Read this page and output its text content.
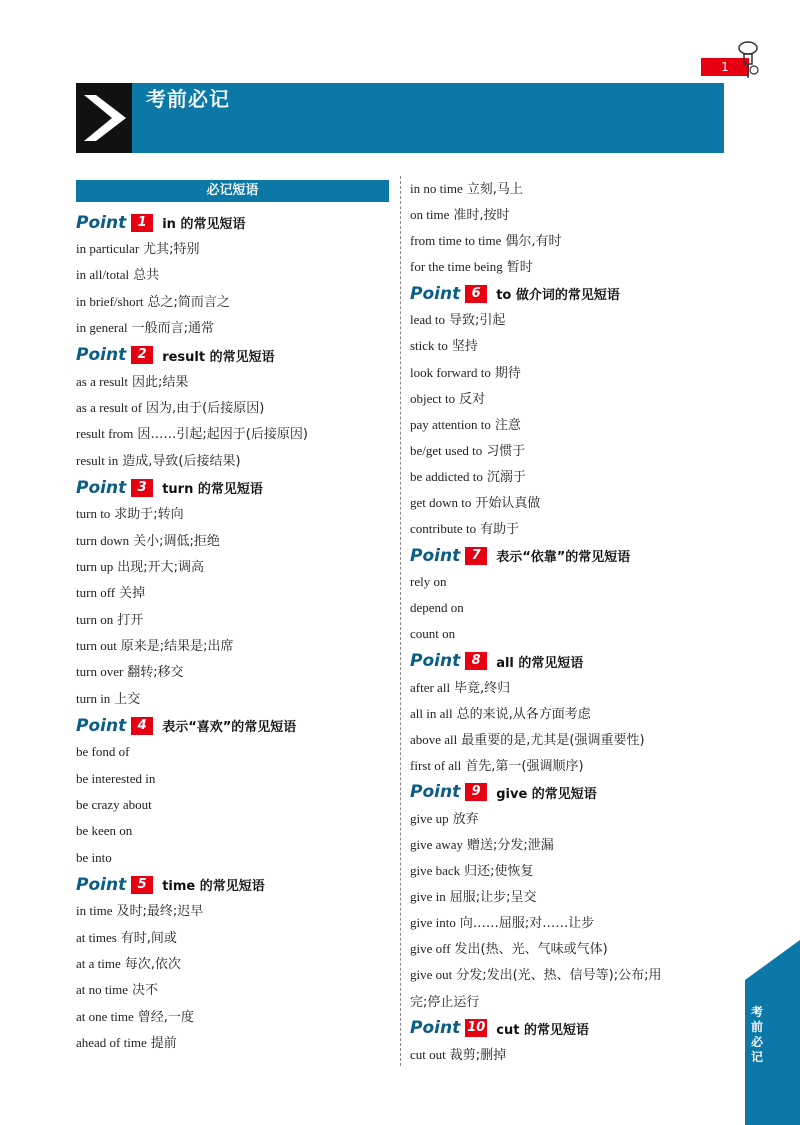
1
考前必记
必记短语
Point 1	in 的常见短语
in particular 尤其;特别
in all/total 总共
in brief/short 总之;简而言之
in general 一般而言;通常
Point 2	result 的常见短语
as a result 因此;结果
as a result of 因为,由于(后接原因)
result from 因……引起;起因于(后接原因)
result in 造成,导致(后接结果)
Point 3	turn 的常见短语
turn to 求助于;转向
turn down 关小;调低;拒绝
turn up 出现;开大;调高
turn off 关掉
turn on 打开
turn out 原来是;结果是;出席
turn over 翻转;移交
turn in 上交
Point 4	表示“喜欢”的常见短语
be fond of
be interested in
be crazy about
be keen on
be into
Point 5	time 的常见短语
in time 及时;最终;迟早
at times 有时,间或
at a time 每次,依次
at no time 决不
at one time 曾经,一度
ahead of time 提前
in no time 立刻,马上
on time 准时,按时
from time to time 偶尔,有时
for the time being 暂时
Point 6	to 做介词的常见短语
lead to 导致;引起
stick to 坚持
look forward to 期待
object to 反对
pay attention to 注意
be/get used to 习惯于
be addicted to 沉溺于
get down to 开始认真做
contribute to 有助于
Point 7	表示“依靠”的常见短语
rely on
depend on
count on
Point 8	all 的常见短语
after all 毕竟,终归
all in all 总的来说,从各方面考虑
above all 最重要的是,尤其是(强调重要性)
first of all 首先,第一(强调顺序)
Point 9	give 的常见短语
give up 放弃
give away 赠送;分发;泄漏
give back 归还;使恢复
give in 屈服;让步;呈交
give into 向……屈服;对……让步
give off 发出(热、光、气味或气体)
give out 分发;发出(光、热、信号等);公布;用
完;停止运行
Point 10 cut 的常见短语
cut out 裁剪;删掉
考前必记
